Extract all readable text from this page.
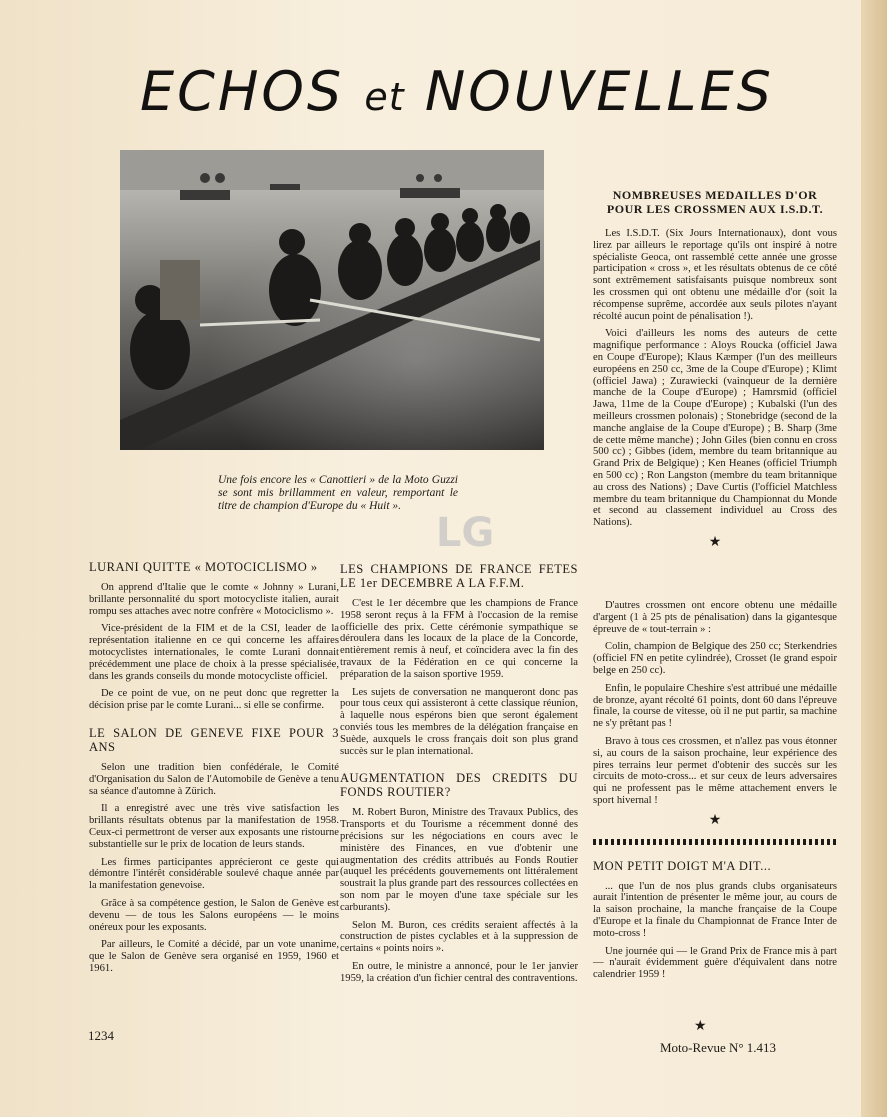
ECHOS et NOUVELLES
Une fois encore les « Canottieri » de la Moto Guzzi se sont mis brillamment en valeur, remportant le titre de champion d'Europe du « Huit ».
LG
LURANI QUITTE « MOTOCICLISMO »

On apprend d'Italie que le comte « Johnny » Lurani, brillante personnalité du sport motocycliste italien, aurait rompu ses attaches avec notre confrère « Motociclismo ».

Vice-président de la FIM et de la CSI, leader de la représentation italienne en ce qui concerne les affaires motocyclistes internationales, le comte Lurani donnait précédemment une place de choix à la presse spécialisée, dans les grands conseils du monde motocycliste officiel.

De ce point de vue, on ne peut donc que regretter la décision prise par le comte Lurani... si elle se confirme.

LE SALON DE GENEVE FIXE POUR 3 ANS

Selon une tradition bien confédérale, le Comité d'Organisation du Salon de l'Automobile de Genève a tenu sa séance d'automne à Zürich.

Il a enregistré avec une très vive satisfaction les brillants résultats obtenus par la manifestation de 1958. Ceux-ci permettront de verser aux exposants une ristourne substantielle sur le prix de location de leurs stands.

Les firmes participantes apprécieront ce geste qui démontre l'intérêt considérable soulevé chaque année par la manifestation genevoise.

Grâce à sa compétence gestion, le Salon de Genève est devenu — de tous les Salons européens — le moins onéreux pour les exposants.

Par ailleurs, le Comité a décidé, par un vote unanime, que le Salon de Genève sera organisé en 1959, 1960 et 1961.

LES CHAMPIONS DE FRANCE FETES LE 1er DECEMBRE A LA F.F.M.

C'est le 1er décembre que les champions de France 1958 seront reçus à la FFM à l'occasion de la remise officielle des prix. Cette cérémonie sympathique se déroulera dans les locaux de la place de la Concorde, entièrement remis à neuf, et coïncidera avec la fin des travaux de la Fédération en ce qui concerne la préparation de la saison sportive 1959.

Les sujets de conversation ne manqueront donc pas pour tous ceux qui assisteront à cette classique réunion, à laquelle nous espérons bien que seront également conviés tous les membres de la délégation française en Suède, auxquels le cross français doit son plus grand succès sur le plan international.

AUGMENTATION DES CREDITS DU FONDS ROUTIER?

M. Robert Buron, Ministre des Travaux Publics, des Transports et du Tourisme a récemment donné des précisions sur les négociations en cours avec le ministère des Finances, en vue d'obtenir une augmentation des crédits attribués au Fonds Routier (auquel les précédents gouvernements ont littéralement soustrait la plus grande part des ressources collectées en son nom par le moyen d'une taxe spéciale sur les carburants).

Selon M. Buron, ces crédits seraient affectés à la construction de pistes cyclables et à la suppression de certains « points noirs ».

En outre, le ministre a annoncé, pour le 1er janvier 1959, la création d'un fichier central des contraventions.

NOMBREUSES MEDAILLES D'OR POUR LES CROSSMEN AUX I.S.D.T.

Les I.S.D.T. (Six Jours Internationaux), dont vous lirez par ailleurs le reportage qu'ils ont inspiré à notre spécialiste Geoca, ont rassemblé cette année une grosse participation « cross », et les résultats obtenus de ce côté sont extrêmement satisfaisants puisque nombreux sont les crossmen qui ont obtenu une médaille d'or (soit la récompense suprême, accordée aux seuls pilotes n'ayant récolté aucun point de pénalisation !).

Voici d'ailleurs les noms des auteurs de cette magnifique performance : Aloys Roucka (officiel Jawa en Coupe d'Europe); Klaus Kæmper (l'un des meilleurs européens en 250 cc, 3me de la Coupe d'Europe) ; Klimt (officiel Jawa) ; Zurawiecki (vainqueur de la dernière manche de la Coupe d'Europe) ; Hamrsmid (officiel Jawa, 11me de la Coupe d'Europe) ; Kubalski (l'un des meilleurs crossmen polonais) ; Stonebridge (second de la manche anglaise de la Coupe d'Europe) ; B. Sharp (3me de cette même manche) ; John Giles (bien connu en cross 500 cc) ; Gibbes (idem, membre du team britannique au Grand Prix de Belgique) ; Ken Heanes (officiel Triumph en 500 cc) ; Ron Langston (membre du team britannique au cross des Nations) ; Dave Curtis (l'officiel Matchless membre du team britannique du Championnat du Monde et second au classement individuel au Cross des Nations).

★

D'autres crossmen ont encore obtenu une médaille d'argent (1 à 25 pts de pénalisation) dans la gigantesque épreuve de « tout-terrain » :

Colin, champion de Belgique des 250 cc; Sterkendries (officiel FN en petite cylindrée), Crosset (le grand espoir belge en 250 cc).

Enfin, le populaire Cheshire s'est attribué une médaille de bronze, ayant récolté 61 points, dont 60 dans l'épreuve finale, la course de vitesse, où il ne put partir, sa machine ne s'y prêtant pas !

Bravo à tous ces crossmen, et n'allez pas vous étonner si, au cours de la saison prochaine, leur expérience des pires terrains leur permet d'obtenir des succès sur les circuits de moto-cross... et sur ceux de leurs adversaires qui ne professent pas le même attachement envers le sport hivernal !

★
MON PETIT DOIGT M'A DIT...

... que l'un de nos plus grands clubs organisateurs aurait l'intention de présenter le même jour, au cours de la saison prochaine, la manche française de la Coupe d'Europe et la finale du Championnat de France Inter de moto-cross !

Une journée qui — le Grand Prix de France mis à part — n'aurait évidemment guère d'équivalent dans notre calendrier 1959 !

★
1234
Moto-Revue N° 1.413
